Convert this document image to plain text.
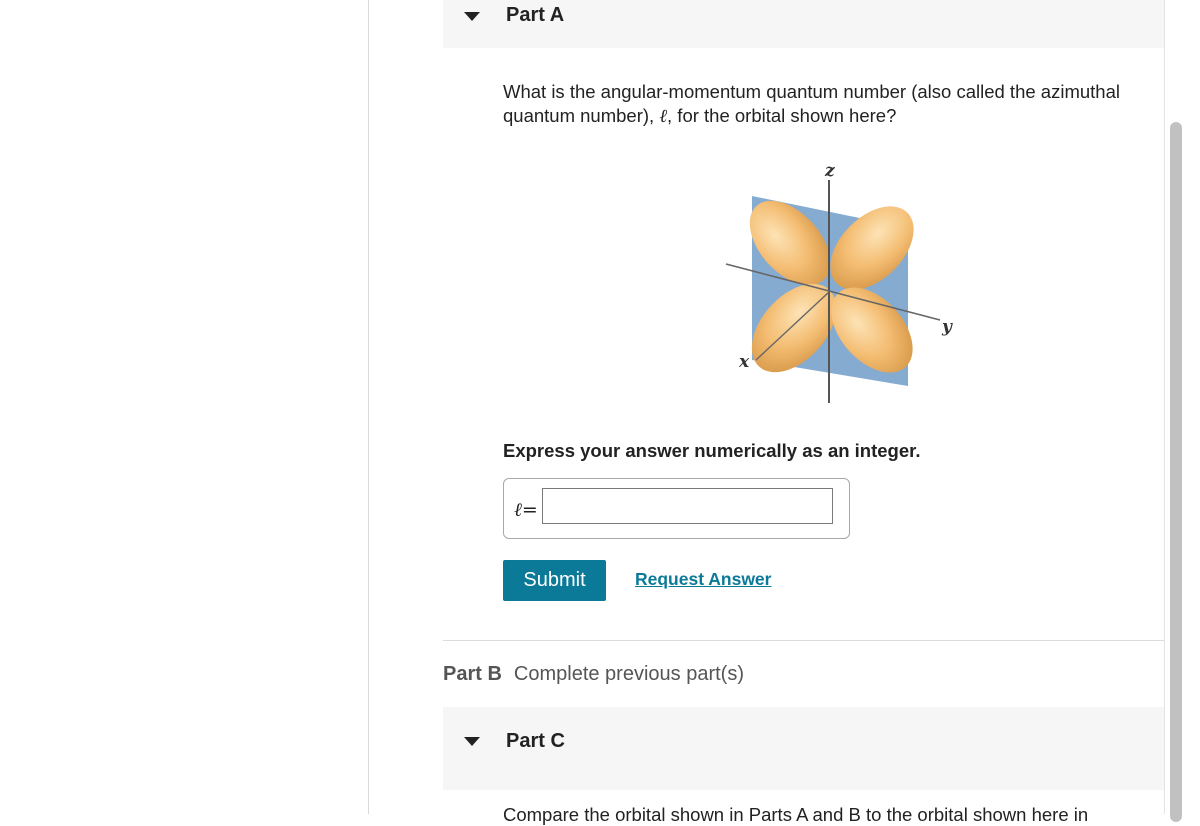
Part A
What is the angular-momentum quantum number (also called the azimuthal quantum number), ℓ, for the orbital shown here?
z
y
x
Express your answer numerically as an integer.
ℓ=
Submit	Request Answer
Part B Complete previous part(s)
Part C
Compare the orbital shown in Parts A and B to the orbital shown here in
